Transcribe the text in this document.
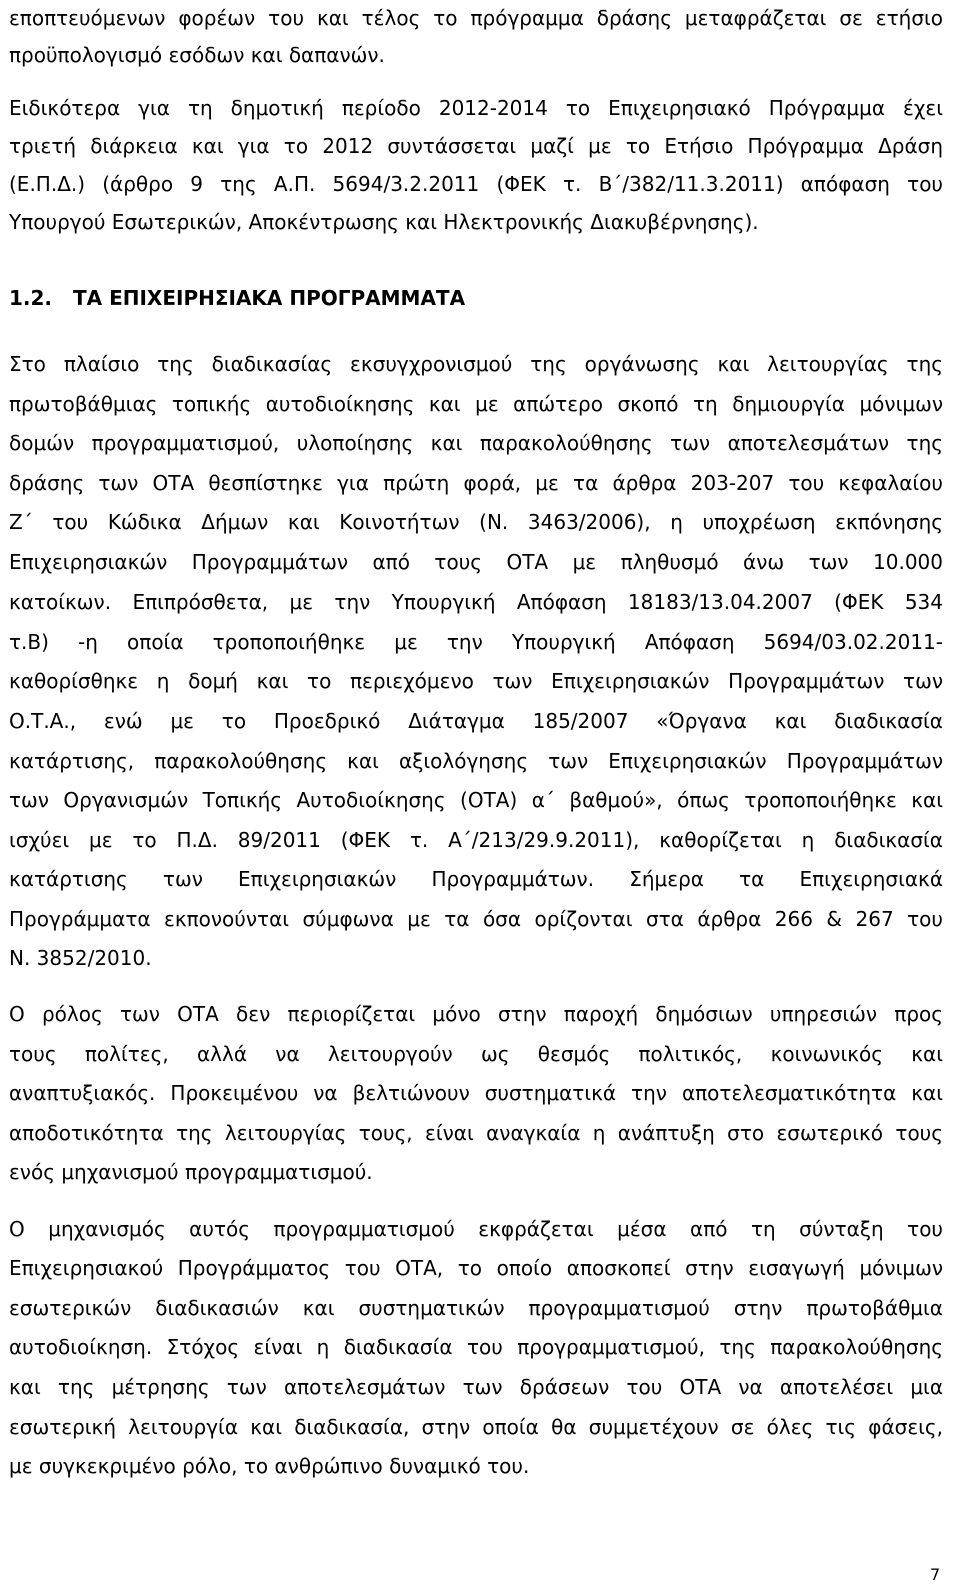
εποπτευόμενων φορέων του και τέλος το πρόγραμμα δράσης μεταφράζεται σε ετήσιο
προϋπολογισμό εσόδων και δαπανών.
Ειδικότερα για τη δημοτική περίοδο 2012-2014 το Επιχειρησιακό Πρόγραμμα έχει
τριετή διάρκεια και για το 2012 συντάσσεται μαζί με το Ετήσιο Πρόγραμμα Δράση
(Ε.Π.Δ.) (άρθρο 9 της Α.Π. 5694/3.2.2011 (ΦΕΚ τ. Β΄/382/11.3.2011) απόφαση του
Υπουργού Εσωτερικών, Αποκέντρωσης και Ηλεκτρονικής Διακυβέρνησης).
1.2. ΤΑ ΕΠΙΧΕΙΡΗΣΙΑΚΑ ΠΡΟΓΡΑΜΜΑΤΑ
Στο πλαίσιο της διαδικασίας εκσυγχρονισμού της οργάνωσης και λειτουργίας της
πρωτοβάθμιας τοπικής αυτοδιοίκησης και με απώτερο σκοπό τη δημιουργία μόνιμων
δομών προγραμματισμού, υλοποίησης και παρακολούθησης των αποτελεσμάτων της
δράσης των ΟΤΑ θεσπίστηκε για πρώτη φορά, με τα άρθρα 203-207 του κεφαλαίου
Ζ΄ του Κώδικα Δήμων και Κοινοτήτων (Ν. 3463/2006), η υποχρέωση εκπόνησης
Επιχειρησιακών Προγραμμάτων από τους ΟΤΑ με πληθυσμό άνω των 10.000
κατοίκων. Επιπρόσθετα, με την Υπουργική Απόφαση 18183/13.04.2007 (ΦΕΚ 534
τ.Β) -η οποία τροποποιήθηκε με την Υπουργική Απόφαση 5694/03.02.2011-
καθορίσθηκε η δομή και το περιεχόμενο των Επιχειρησιακών Προγραμμάτων των
Ο.Τ.Α., ενώ με το Προεδρικό Διάταγμα 185/2007 «Όργανα και διαδικασία
κατάρτισης, παρακολούθησης και αξιολόγησης των Επιχειρησιακών Προγραμμάτων
των Οργανισμών Τοπικής Αυτοδιοίκησης (ΟΤΑ) α΄ βαθμού», όπως τροποποιήθηκε και
ισχύει με το Π.Δ. 89/2011 (ΦΕΚ τ. Α΄/213/29.9.2011), καθορίζεται η διαδικασία
κατάρτισης των Επιχειρησιακών Προγραμμάτων. Σήμερα τα Επιχειρησιακά
Προγράμματα εκπονούνται σύμφωνα με τα όσα ορίζονται στα άρθρα 266 & 267 του
Ν. 3852/2010.
Ο ρόλος των ΟΤΑ δεν περιορίζεται μόνο στην παροχή δημόσιων υπηρεσιών προς
τους πολίτες, αλλά να λειτουργούν ως θεσμός πολιτικός, κοινωνικός και
αναπτυξιακός. Προκειμένου να βελτιώνουν συστηματικά την αποτελεσματικότητα και
αποδοτικότητα της λειτουργίας τους, είναι αναγκαία η ανάπτυξη στο εσωτερικό τους
ενός μηχανισμού προγραμματισμού.
Ο μηχανισμός αυτός προγραμματισμού εκφράζεται μέσα από τη σύνταξη του
Επιχειρησιακού Προγράμματος του ΟΤΑ, το οποίο αποσκοπεί στην εισαγωγή μόνιμων
εσωτερικών διαδικασιών και συστηματικών προγραμματισμού στην πρωτοβάθμια
αυτοδιοίκηση. Στόχος είναι η διαδικασία του προγραμματισμού, της παρακολούθησης
και της μέτρησης των αποτελεσμάτων των δράσεων του ΟΤΑ να αποτελέσει μια
εσωτερική λειτουργία και διαδικασία, στην οποία θα συμμετέχουν σε όλες τις φάσεις,
με συγκεκριμένο ρόλο, το ανθρώπινο δυναμικό του.
7
